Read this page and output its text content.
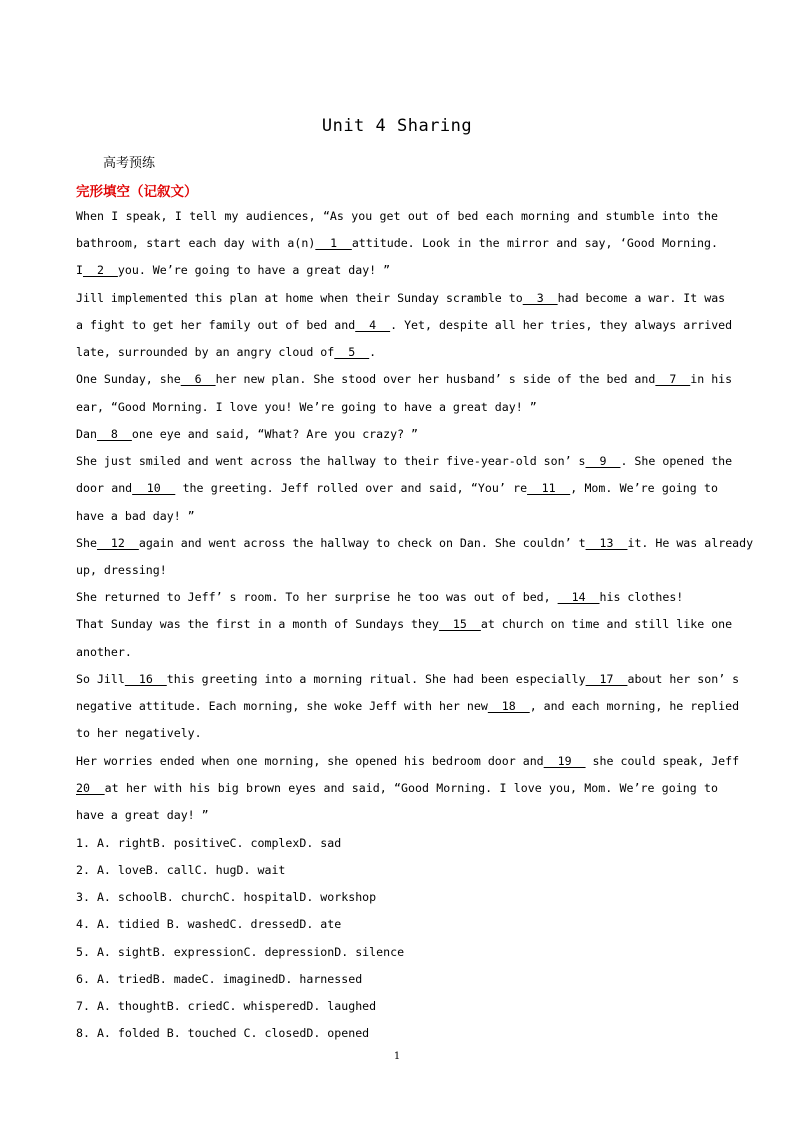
Unit 4 Sharing
高考预练
完形填空（记叙文）
When I speak, I tell my audiences, “As you get out of bed each morning and stumble into the
bathroom, start each day with a(n)  1  attitude. Look in the mirror and say, ‘Good Morning.
I  2  you. We’re going to have a great day! ”
Jill implemented this plan at home when their Sunday scramble to  3  had become a war. It was
a fight to get her family out of bed and  4  . Yet, despite all her tries, they always arrived
late, surrounded by an angry cloud of  5  .
One Sunday, she  6  her new plan. She stood over her husband’ s side of the bed and  7  in his
ear, “Good Morning. I love you! We’re going to have a great day! ”
Dan  8  one eye and said, “What? Are you crazy? ”
She just smiled and went across the hallway to their five-year-old son’ s  9  . She opened the
door and  10   the greeting. Jeff rolled over and said, “You’ re  11  , Mom. We’re going to
have a bad day! ”
She  12  again and went across the hallway to check on Dan. She couldn’ t  13  it. He was already
up, dressing!
She returned to Jeff’ s room. To her surprise he too was out of bed,   14  his clothes!
That Sunday was the first in a month of Sundays they  15  at church on time and still like one
another.
So Jill  16  this greeting into a morning ritual. She had been especially  17  about her son’ s
negative attitude. Each morning, she woke Jeff with her new  18  , and each morning, he replied
to her negatively.
Her worries ended when one morning, she opened his bedroom door and  19   she could speak, Jeff
20  at her with his big brown eyes and said, “Good Morning. I love you, Mom. We’re going to
have a great day! ”
1. A. rightB. positiveC. complexD. sad
2. A. loveB. callC. hugD. wait
3. A. schoolB. churchC. hospitalD. workshop
4. A. tidied B. washedC. dressedD. ate
5. A. sightB. expressionC. depressionD. silence
6. A. triedB. madeC. imaginedD. harnessed
7. A. thoughtB. criedC. whisperedD. laughed
8. A. folded B. touched C. closedD. opened
1
